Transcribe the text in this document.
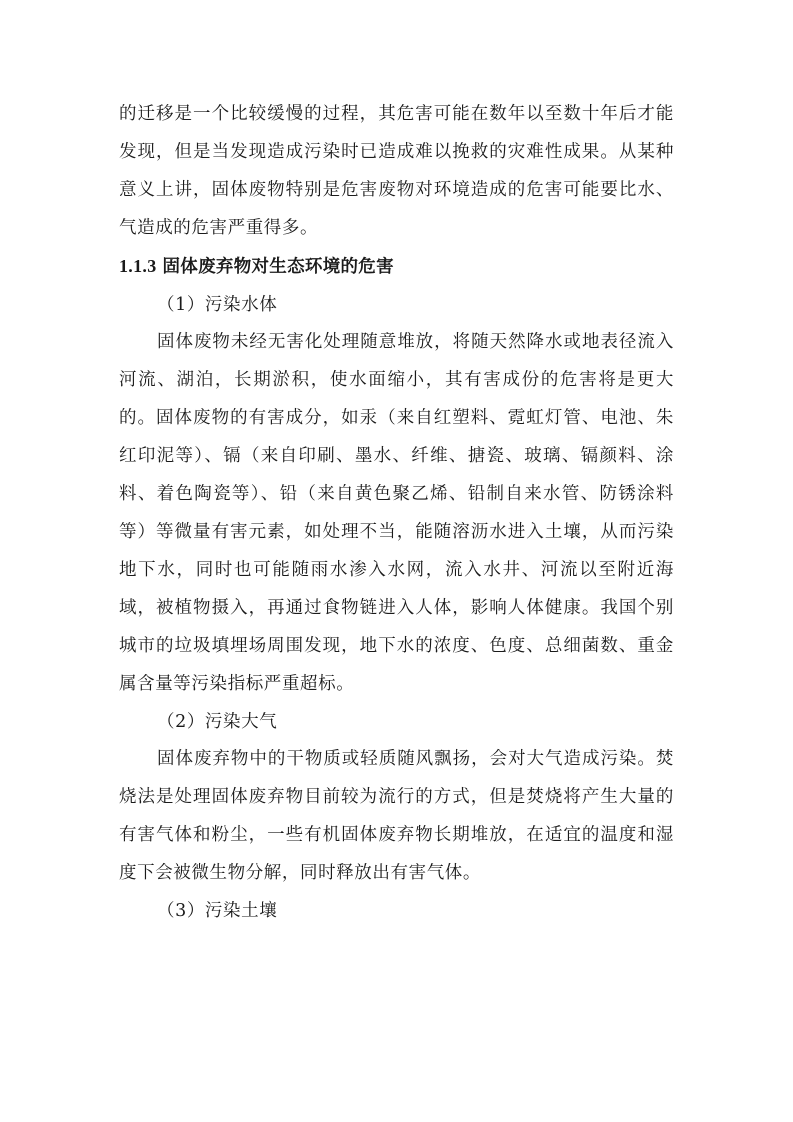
的迁移是一个比较缓慢的过程，其危害可能在数年以至数十年后才能发现，但是当发现造成污染时已造成难以挽救的灾难性成果。从某种意义上讲，固体废物特别是危害废物对环境造成的危害可能要比水、气造成的危害严重得多。

1.1.3 固体废弃物对生态环境的危害

（1）污染水体

固体废物未经无害化处理随意堆放，将随天然降水或地表径流入河流、湖泊，长期淤积，使水面缩小，其有害成份的危害将是更大的。固体废物的有害成分，如汞（来自红塑料、霓虹灯管、电池、朱红印泥等）、镉（来自印刷、墨水、纤维、搪瓷、玻璃、镉颜料、涂料、着色陶瓷等）、铅（来自黄色聚乙烯、铅制自来水管、防锈涂料等）等微量有害元素，如处理不当，能随溶沥水进入土壤，从而污染地下水，同时也可能随雨水渗入水网，流入水井、河流以至附近海域，被植物摄入，再通过食物链进入人体，影响人体健康。我国个别城市的垃圾填埋场周围发现，地下水的浓度、色度、总细菌数、重金属含量等污染指标严重超标。

（2）污染大气

固体废弃物中的干物质或轻质随风飘扬，会对大气造成污染。焚烧法是处理固体废弃物目前较为流行的方式，但是焚烧将产生大量的有害气体和粉尘，一些有机固体废弃物长期堆放，在适宜的温度和湿度下会被微生物分解，同时释放出有害气体。

（3）污染土壤
